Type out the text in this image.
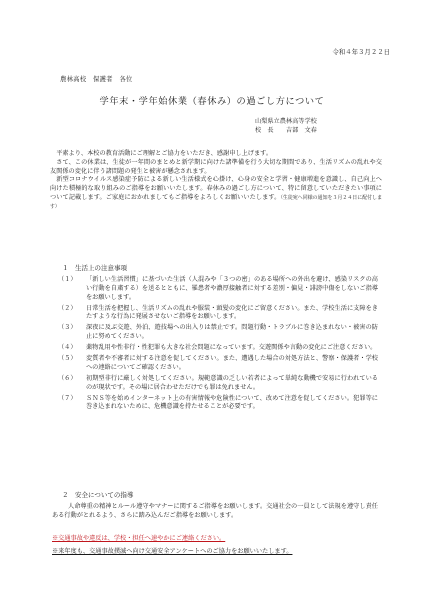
令和４年３月２２日
農林高校　保護者　各位
学年末・学年始休業（春休み）の過ごし方について
山梨県立農林高等学校
校　長　　吉部　文春

平素より、本校の教育活動にご理解とご協力をいただき、感謝申し上げます。

さて、この休業は、生徒が一年間のまとめと新学期に向けた諸準備を行う大切な期間であり、生活リズムの乱れや交友関係の変化に伴う諸問題の発生と被害が懸念されます。

新型コロナウイルス感染症予防による新しい生活様式を心掛け、心身の安全と学習・健康増進を意識し、自己向上へ向けた積極的な取り組みのご指導をお願いいたします。春休みの過ごし方について、特に留意していただきたい事項について記載します。ご家庭におかれましてもご指導をよろしくお願いいたします。（生徒宛へ同様の通知を３月２４日に配付します）

１　生活上の注意事項
（１）	「新しい生活習慣」に基づいた生活（人混みや「３つの密」のある場所への外出を避け、感染リスクの高い行動を自粛する）を送るとともに、罹患者や濃厚接触者に対する差別・偏見・誹謗中傷をしないご指導をお願いします。
（２）	日常生活を把握し、生活リズムの乱れや服装・頭髪の変化にご留意ください。また、学校生活に支障をきたすような行為に発展させないご指導をお願いします。
（３）	深夜に及ぶ交遊、外泊、遊技場への出入りは禁止です。問題行動・トラブルに巻き込まれない・被害の防止に努めてください。
（４）	薬物乱用や性非行・性犯罪も大きな社会問題になっています。交遊関係や言動の変化にご注意ください。
（５）	変質者や不審者に対する注意を促してください。また、遭遇した場合の対処方法と、警察・保護者・学校への連絡についてご確認ください。
（６）	初期型非行に厳しく対処してください。規範意識の乏しい若者によって単純な動機で安易に行われているのが現状です。その場に居合わせただけでも罪は免れません。
（７）	ＳＮＳ等を始めインターネット上の有害情報や危険性について、改めて注意を促してください。犯罪等に巻き込まれないために、危機意識を持たせることが必要です。
２　安全についての指導

人命尊重の精神とルール遵守やマナーに関するご指導をお願いします。交通社会の一員として法規を遵守し責任ある行動がとれるよう、さらに踏み込んだご指導をお願いします。

※交通事故や違反は、学校・担任へ速やかにご連絡ください。
※来年度も、交通事故撲滅へ向け交通安全アンケートへのご協力をお願いいたします。
